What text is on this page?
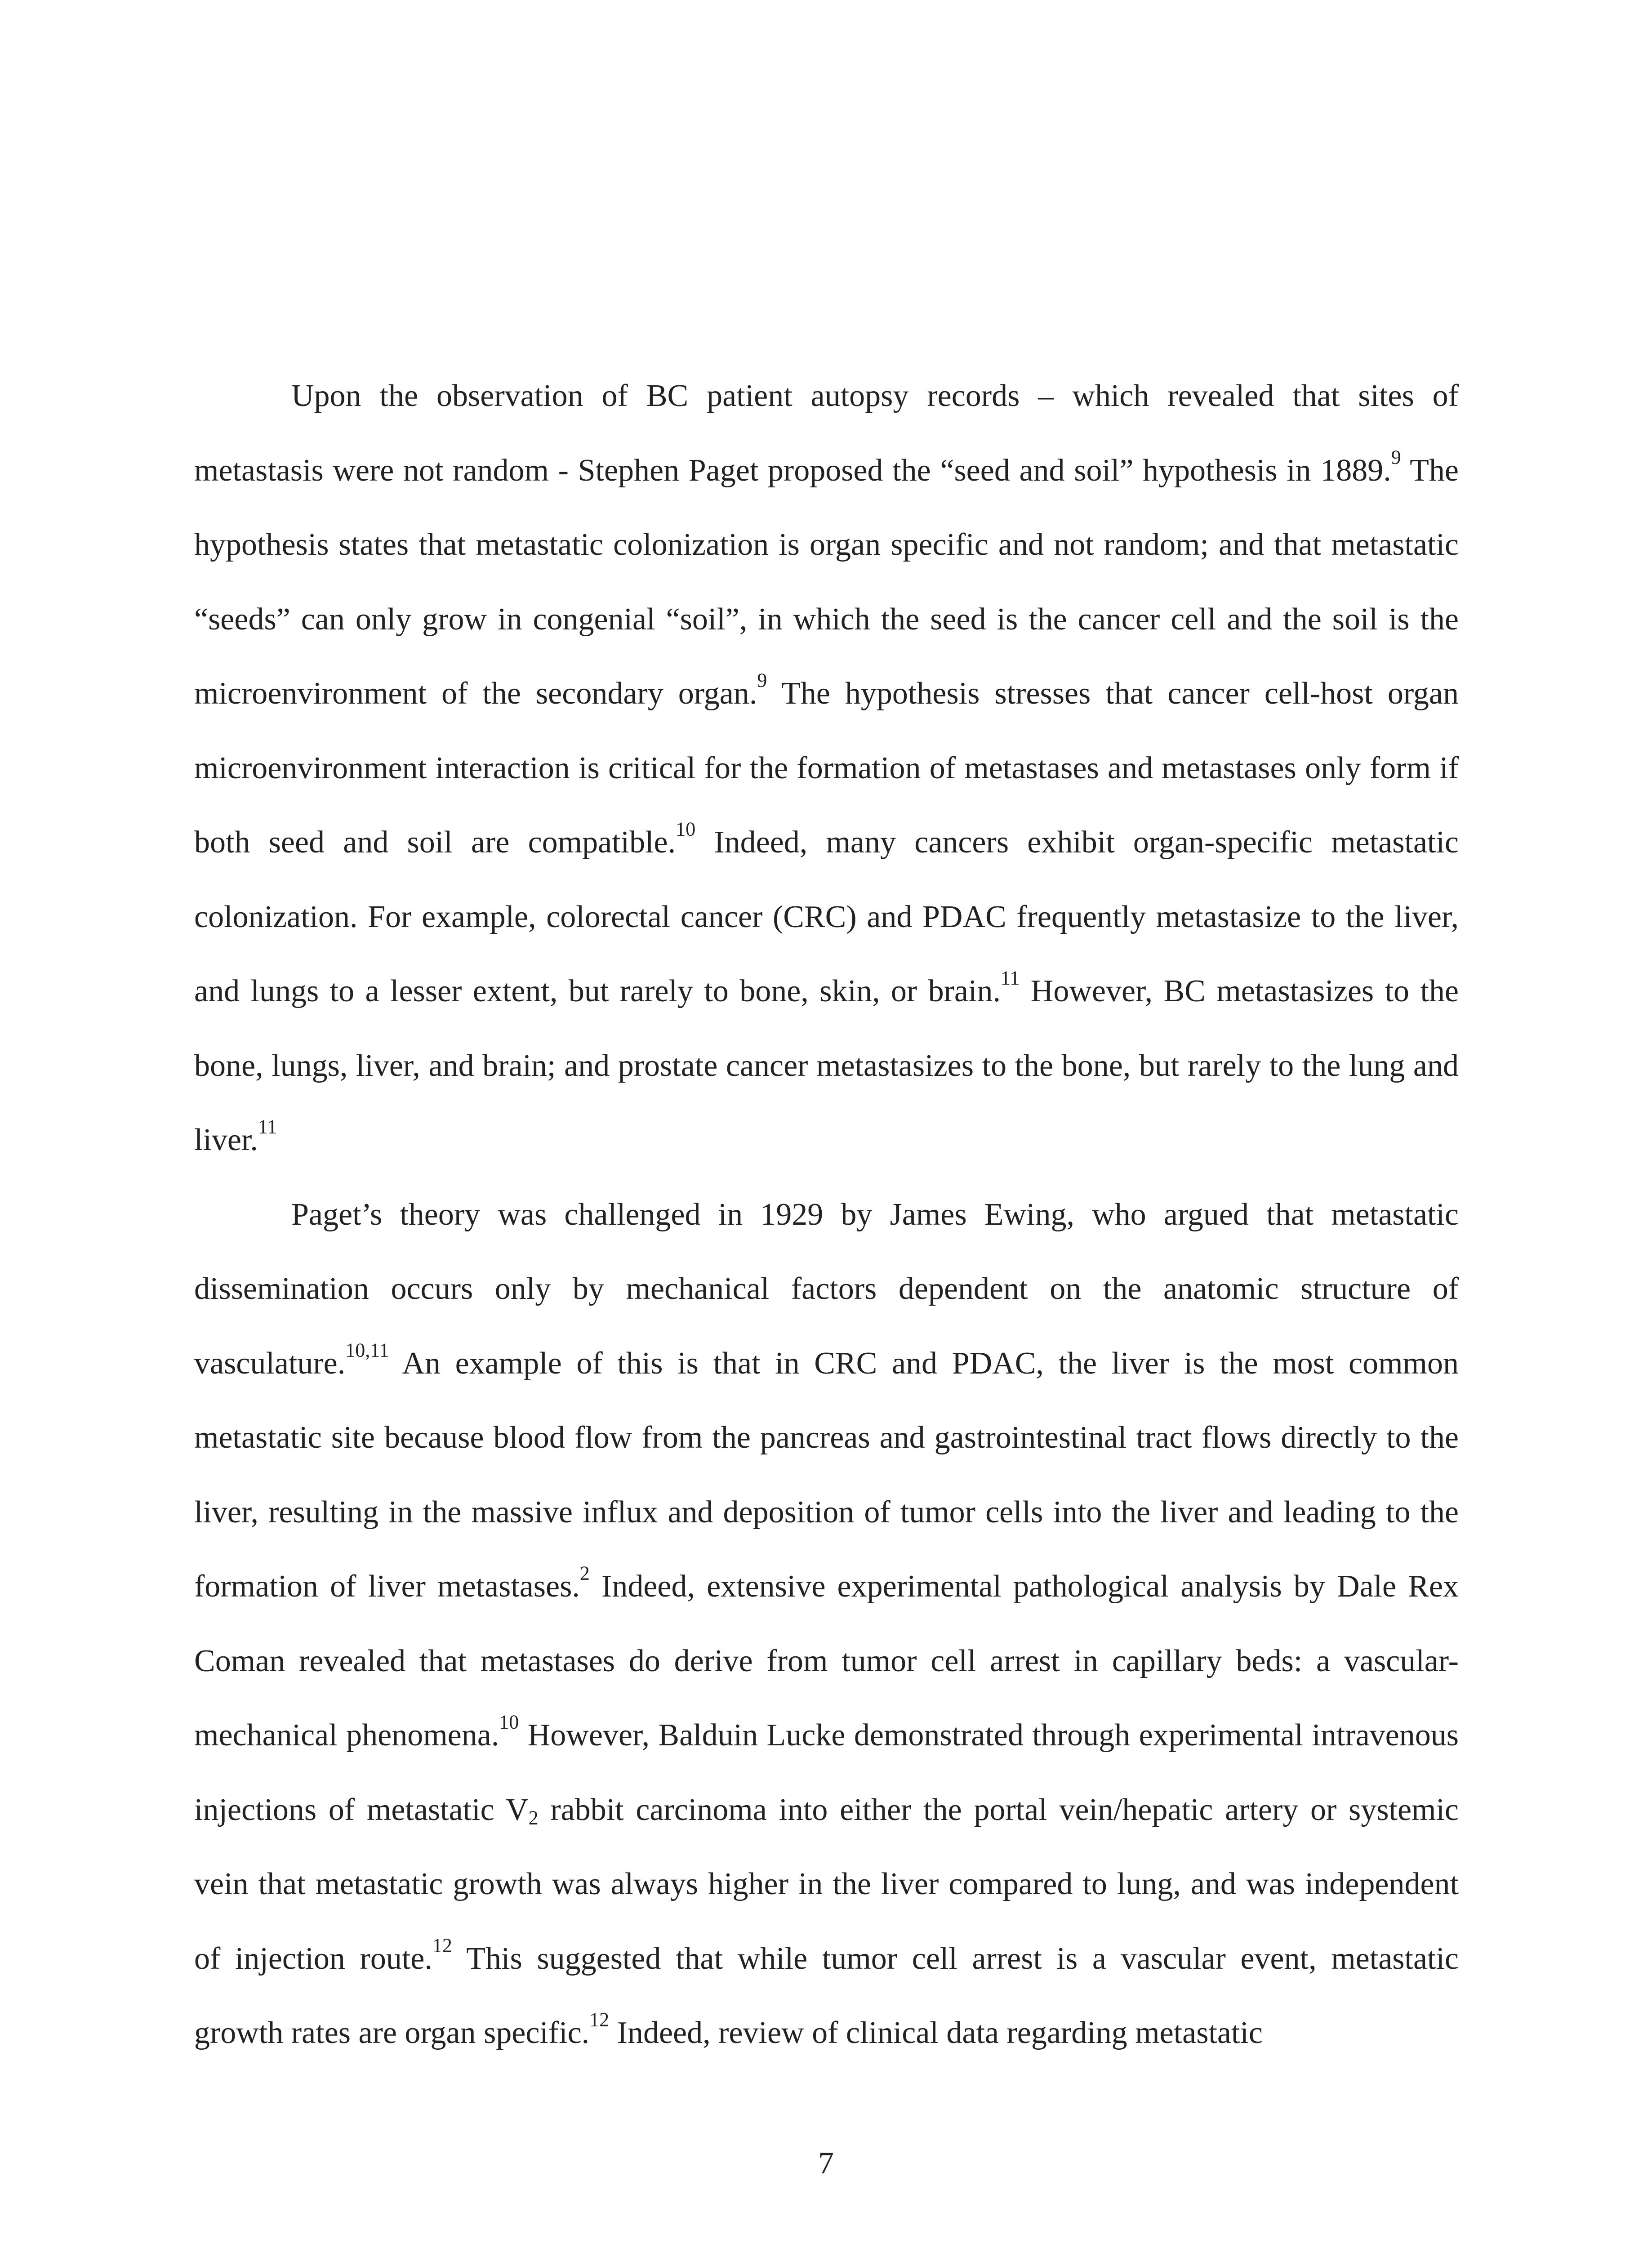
Upon the observation of BC patient autopsy records – which revealed that sites of metastasis were not random - Stephen Paget proposed the “seed and soil” hypothesis in 1889.$^9$ The hypothesis states that metastatic colonization is organ specific and not random; and that metastatic “seeds” can only grow in congenial “soil”, in which the seed is the cancer cell and the soil is the microenvironment of the secondary organ.$^9$ The hypothesis stresses that cancer cell-host organ microenvironment interaction is critical for the formation of metastases and metastases only form if both seed and soil are compatible.$^{10}$ Indeed, many cancers exhibit organ-specific metastatic colonization. For example, colorectal cancer (CRC) and PDAC frequently metastasize to the liver, and lungs to a lesser extent, but rarely to bone, skin, or brain.$^{11}$ However, BC metastasizes to the bone, lungs, liver, and brain; and prostate cancer metastasizes to the bone, but rarely to the lung and liver.$^{11}$

Paget’s theory was challenged in 1929 by James Ewing, who argued that metastatic dissemination occurs only by mechanical factors dependent on the anatomic structure of vasculature.$^{10,11}$ An example of this is that in CRC and PDAC, the liver is the most common metastatic site because blood flow from the pancreas and gastrointestinal tract flows directly to the liver, resulting in the massive influx and deposition of tumor cells into the liver and leading to the formation of liver metastases.$^2$ Indeed, extensive experimental pathological analysis by Dale Rex Coman revealed that metastases do derive from tumor cell arrest in capillary beds: a vascular-mechanical phenomena.$^{10}$ However, Balduin Lucke demonstrated through experimental intravenous injections of metastatic $V_2$ rabbit carcinoma into either the portal vein/hepatic artery or systemic vein that metastatic growth was always higher in the liver compared to lung, and was independent of injection route.$^{12}$ This suggested that while tumor cell arrest is a vascular event, metastatic growth rates are organ specific.$^{12}$ Indeed, review of clinical data regarding metastatic

7
